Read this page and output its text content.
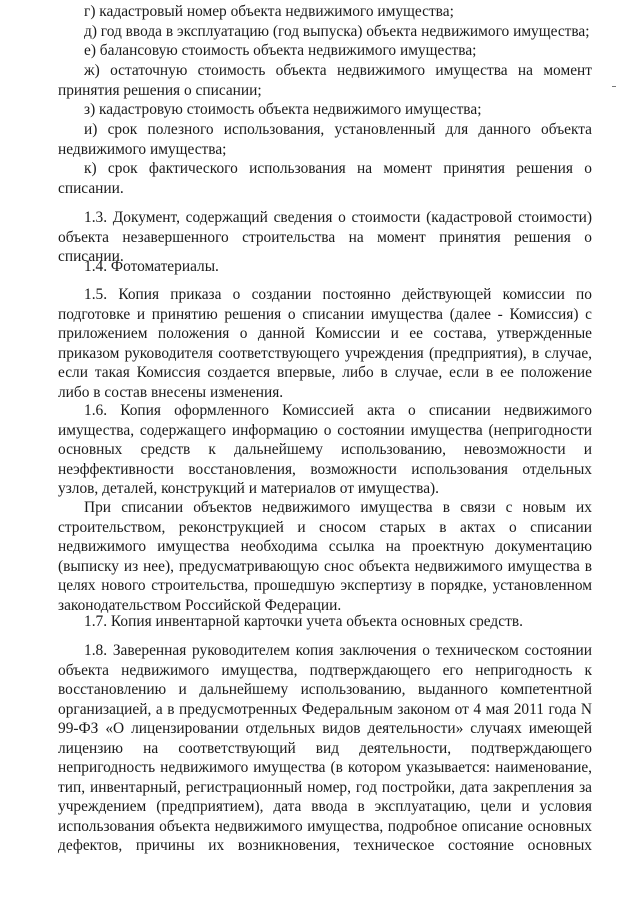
г) кадастровый номер объекта недвижимого имущества;

д) год ввода в эксплуатацию (год выпуска) объекта недвижимого имущества;

е) балансовую стоимость объекта недвижимого имущества;

ж) остаточную стоимость объекта недвижимого имущества на момент принятия решения о списании;

з) кадастровую стоимость объекта недвижимого имущества;

и) срок полезного использования, установленный для данного объекта недвижимого имущества;

к) срок фактического использования на момент принятия решения о списании.

1.3. Документ, содержащий сведения о стоимости (кадастровой стоимости) объекта незавершенного строительства на момент принятия решения о списании.

1.4. Фотоматериалы.

1.5. Копия приказа о создании постоянно действующей комиссии по подготовке и принятию решения о списании имущества (далее - Комиссия) с приложением положения о данной Комиссии и ее состава, утвержденные приказом руководителя соответствующего учреждения (предприятия), в случае, если такая Комиссия создается впервые, либо в случае, если в ее положение либо в состав внесены изменения.

1.6. Копия оформленного Комиссией акта о списании недвижимого имущества, содержащего информацию о состоянии имущества (непригодности основных средств к дальнейшему использованию, невозможности и неэффективности восстановления, возможности использования отдельных узлов, деталей, конструкций и материалов от имущества).

При списании объектов недвижимого имущества в связи с новым их строительством, реконструкцией и сносом старых в актах о списании недвижимого имущества необходима ссылка на проектную документацию (выписку из нее), предусматривающую снос объекта недвижимого имущества в целях нового строительства, прошедшую экспертизу в порядке, установленном законодательством Российской Федерации.

1.7. Копия инвентарной карточки учета объекта основных средств.

1.8. Заверенная руководителем копия заключения о техническом состоянии объекта недвижимого имущества, подтверждающего его непригодность к восстановлению и дальнейшему использованию, выданного компетентной организацией, а в предусмотренных Федеральным законом от 4 мая 2011 года N 99-ФЗ «О лицензировании отдельных видов деятельности» случаях имеющей лицензию на соответствующий вид деятельности, подтверждающего непригодность недвижимого имущества (в котором указывается: наименование, тип, инвентарный, регистрационный номер, год постройки, дата закрепления за учреждением (предприятием), дата ввода в эксплуатацию, цели и условия использования объекта недвижимого имущества, подробное описание основных дефектов, причины их возникновения, техническое состояние основных
